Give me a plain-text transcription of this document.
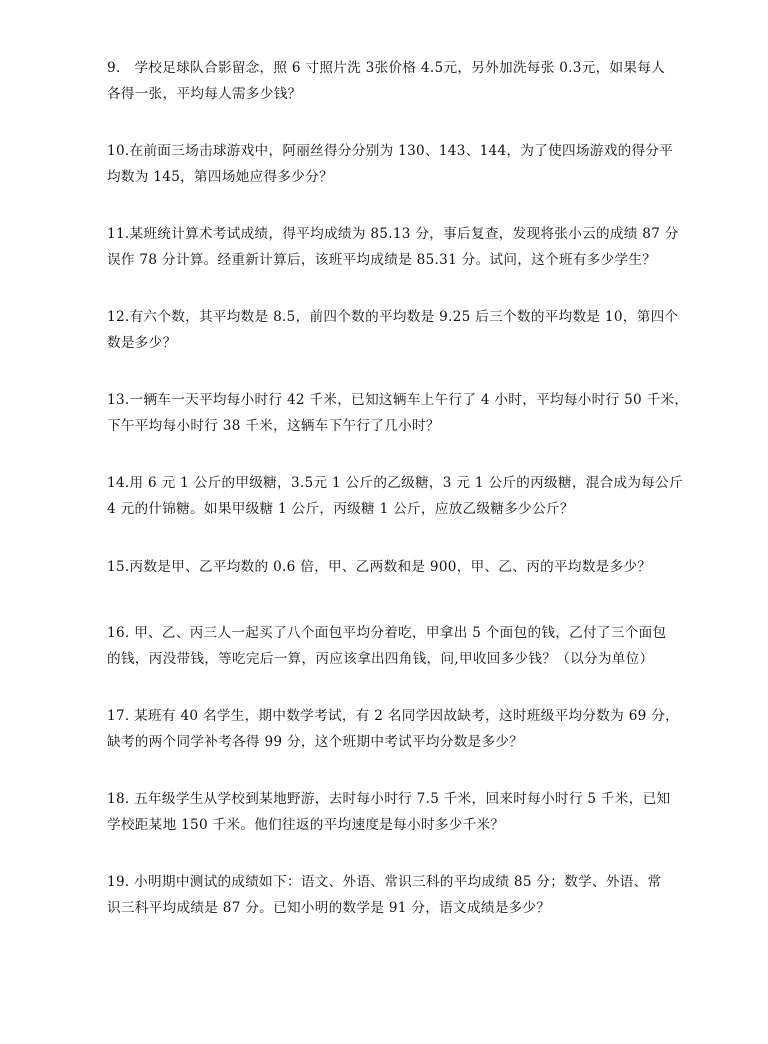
9.　学校足球队合影留念，照 6 寸照片洗 3张价格 4.5元，另外加洗每张 0.3元，如果每人
各得一张，平均每人需多少钱？
10.在前面三场击球游戏中，阿丽丝得分分别为 130、143、144，为了使四场游戏的得分平
均数为 145，第四场她应得多少分？
11.某班统计算术考试成绩，得平均成绩为 85.13 分，事后复查，发现将张小云的成绩 87 分
误作 78 分计算。经重新计算后，该班平均成绩是 85.31 分。试问，这个班有多少学生？
12.有六个数，其平均数是 8.5，前四个数的平均数是 9.25 后三个数的平均数是 10，第四个
数是多少？
13.一辆车一天平均每小时行 42 千米，已知这辆车上午行了 4 小时，平均每小时行 50 千米，
下午平均每小时行 38 千米，这辆车下午行了几小时？
14.用 6 元 1 公斤的甲级糖，3.5元 1 公斤的乙级糖，3 元 1 公斤的丙级糖，混合成为每公斤
4 元的什锦糖。如果甲级糖 1 公斤，丙级糖 1 公斤，应放乙级糖多少公斤？
15.丙数是甲、乙平均数的 0.6 倍，甲、乙两数和是 900，甲、乙、丙的平均数是多少？
16. 甲、乙、丙三人一起买了八个面包平均分着吃，甲拿出 5 个面包的钱，乙付了三个面包
的钱，丙没带钱，等吃完后一算，丙应该拿出四角钱，问,甲收回多少钱？（以分为单位）
17. 某班有 40 名学生，期中数学考试，有 2 名同学因故缺考，这时班级平均分数为 69 分，
缺考的两个同学补考各得 99 分，这个班期中考试平均分数是多少？
18. 五年级学生从学校到某地野游，去时每小时行 7.5 千米，回来时每小时行 5 千米，已知
学校距某地 150 千米。他们往返的平均速度是每小时多少千米？
19. 小明期中测试的成绩如下：语文、外语、常识三科的平均成绩 85 分；数学、外语、常
识三科平均成绩是 87 分。已知小明的数学是 91 分，语文成绩是多少？
